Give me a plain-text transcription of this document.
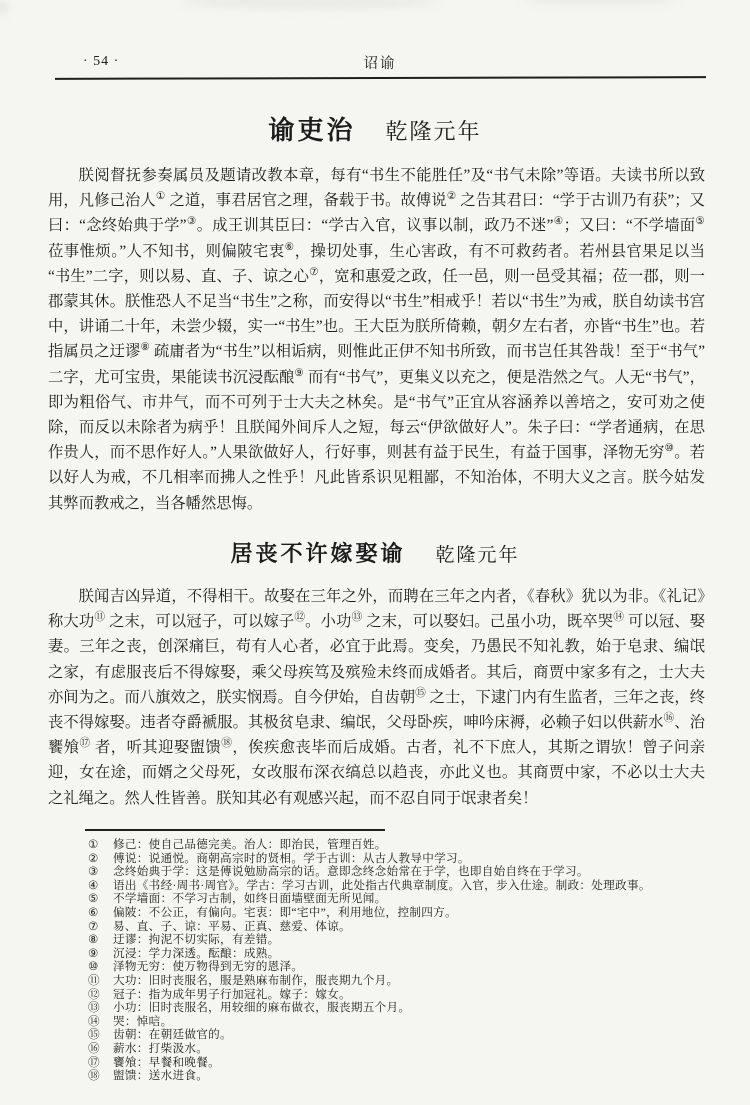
· 54 ·	诏谕
谕吏治 乾隆元年

朕阅督抚参奏属员及题请改教本章，每有“书生不能胜任”及“书气未除”等语。夫读书所以致用，凡修己治人① 之道，事君居官之理，备载于书。故傅说② 之告其君曰：“学于古训乃有获”；又曰：“念终始典于学”③。成王训其臣曰：“学古入官，议事以制，政乃不迷”④；又曰：“不学墙面⑤ 莅事惟烦。”人不知书，则偏陂宅衷⑥，操切处事，生心害政，有不可救药者。若州县官果足以当“书生”二字，则以易、直、子、谅之心⑦，宽和惠爱之政，任一邑，则一邑受其福；莅一郡，则一郡蒙其休。朕惟恐人不足当“书生”之称，而安得以“书生”相戒乎！若以“书生”为戒，朕自幼读书宫中，讲诵二十年，未尝少辍，实一“书生”也。王大臣为朕所倚赖，朝夕左右者，亦皆“书生”也。若指属员之迂谬⑧ 疏庸者为“书生”以相诟病，则惟此正伊不知书所致，而书岂任其咎哉！至于“书气”二字，尤可宝贵，果能读书沉浸酝酿⑨ 而有“书气”，更集义以充之，便是浩然之气。人无“书气”，即为粗俗气、市井气，而不可列于士大夫之林矣。是“书气”正宜从容涵养以善培之，安可劝之使除，而反以未除者为病乎！且朕闻外间斥人之短，每云“伊欲做好人”。朱子曰：“学者通病，在思作贵人，而不思作好人。”人果欲做好人，行好事，则甚有益于民生，有益于国事，泽物无穷⑩。若以好人为戒，不几相率而拂人之性乎！凡此皆系识见粗鄙，不知治体，不明大义之言。朕今姑发其弊而教戒之，当各幡然思悔。

居丧不许嫁娶谕 乾隆元年

朕闻吉凶异道，不得相干。故娶在三年之外，而聘在三年之内者，《春秋》犹以为非。《礼记》称大功⑪ 之末，可以冠子，可以嫁子⑫。小功⑬ 之末，可以娶妇。己虽小功，既卒哭⑭ 可以冠、娶妻。三年之丧，创深痛巨，苟有人心者，必宜于此焉。变矣，乃愚民不知礼教，始于皂隶、编氓之家，有虑服丧后不得嫁娶，乘父母疾笃及殡殓未终而成婚者。其后，商贾中家多有之，士大夫亦间为之。而八旗效之，朕实悯焉。自今伊始，自齿朝⑮ 之士，下逮门内有生监者，三年之丧，终丧不得嫁娶。违者夺爵褫服。其极贫皂隶、编氓，父母卧疾，呻吟床褥，必赖子妇以供薪水⑯、治饔飧⑰ 者，听其迎娶盥馈⑱，俟疾愈丧毕而后成婚。古者，礼不下庶人，其斯之谓欤！曾子问亲迎，女在途，而婿之父母死，女改服布深衣缟总以趋丧，亦此义也。其商贾中家，不必以士大夫之礼绳之。然人性皆善。朕知其必有观感兴起，而不忍自同于氓隶者矣！

①	修己：使自己品德完美。治人：即治民，管理百姓。
②	傅说：说通悦。商朝高宗时的贤相。学于古训：从古人教导中学习。
③	念终始典于学：这是傅说勉励高宗的话。意即念终念始常在于学，也即自始自终在于学习。
④	语出《书经·周书·周官》。学古：学习古训，此处指古代典章制度。入官，步入仕途。制政：处理政事。
⑤	不学墙面：不学习古制，如终日面墙壁面无所见闻。
⑥	偏陂：不公正，有偏向。宅衷：即“宅中”，利用地位，控制四方。
⑦	易、直、子、谅：平易、正真、慈爱、体谅。
⑧	迂谬：拘泥不切实际，有差错。
⑨	沉浸：学力深透。酝酿：成熟。
⑩	泽物无穷：使万物得到无穷的恩泽。
⑪	大功：旧时丧服名，服是熟麻布制作，服丧期九个月。
⑫	冠子：指为成年男子行加冠礼。嫁子：嫁女。
⑬	小功：旧时丧服名，用较细的麻布做衣，服丧期五个月。
⑭	哭：悼唁。
⑮	齿朝：在朝廷做官的。
⑯	薪水：打柴汲水。
⑰	饔飧：早餐和晚餐。
⑱	盥馈：送水进食。
